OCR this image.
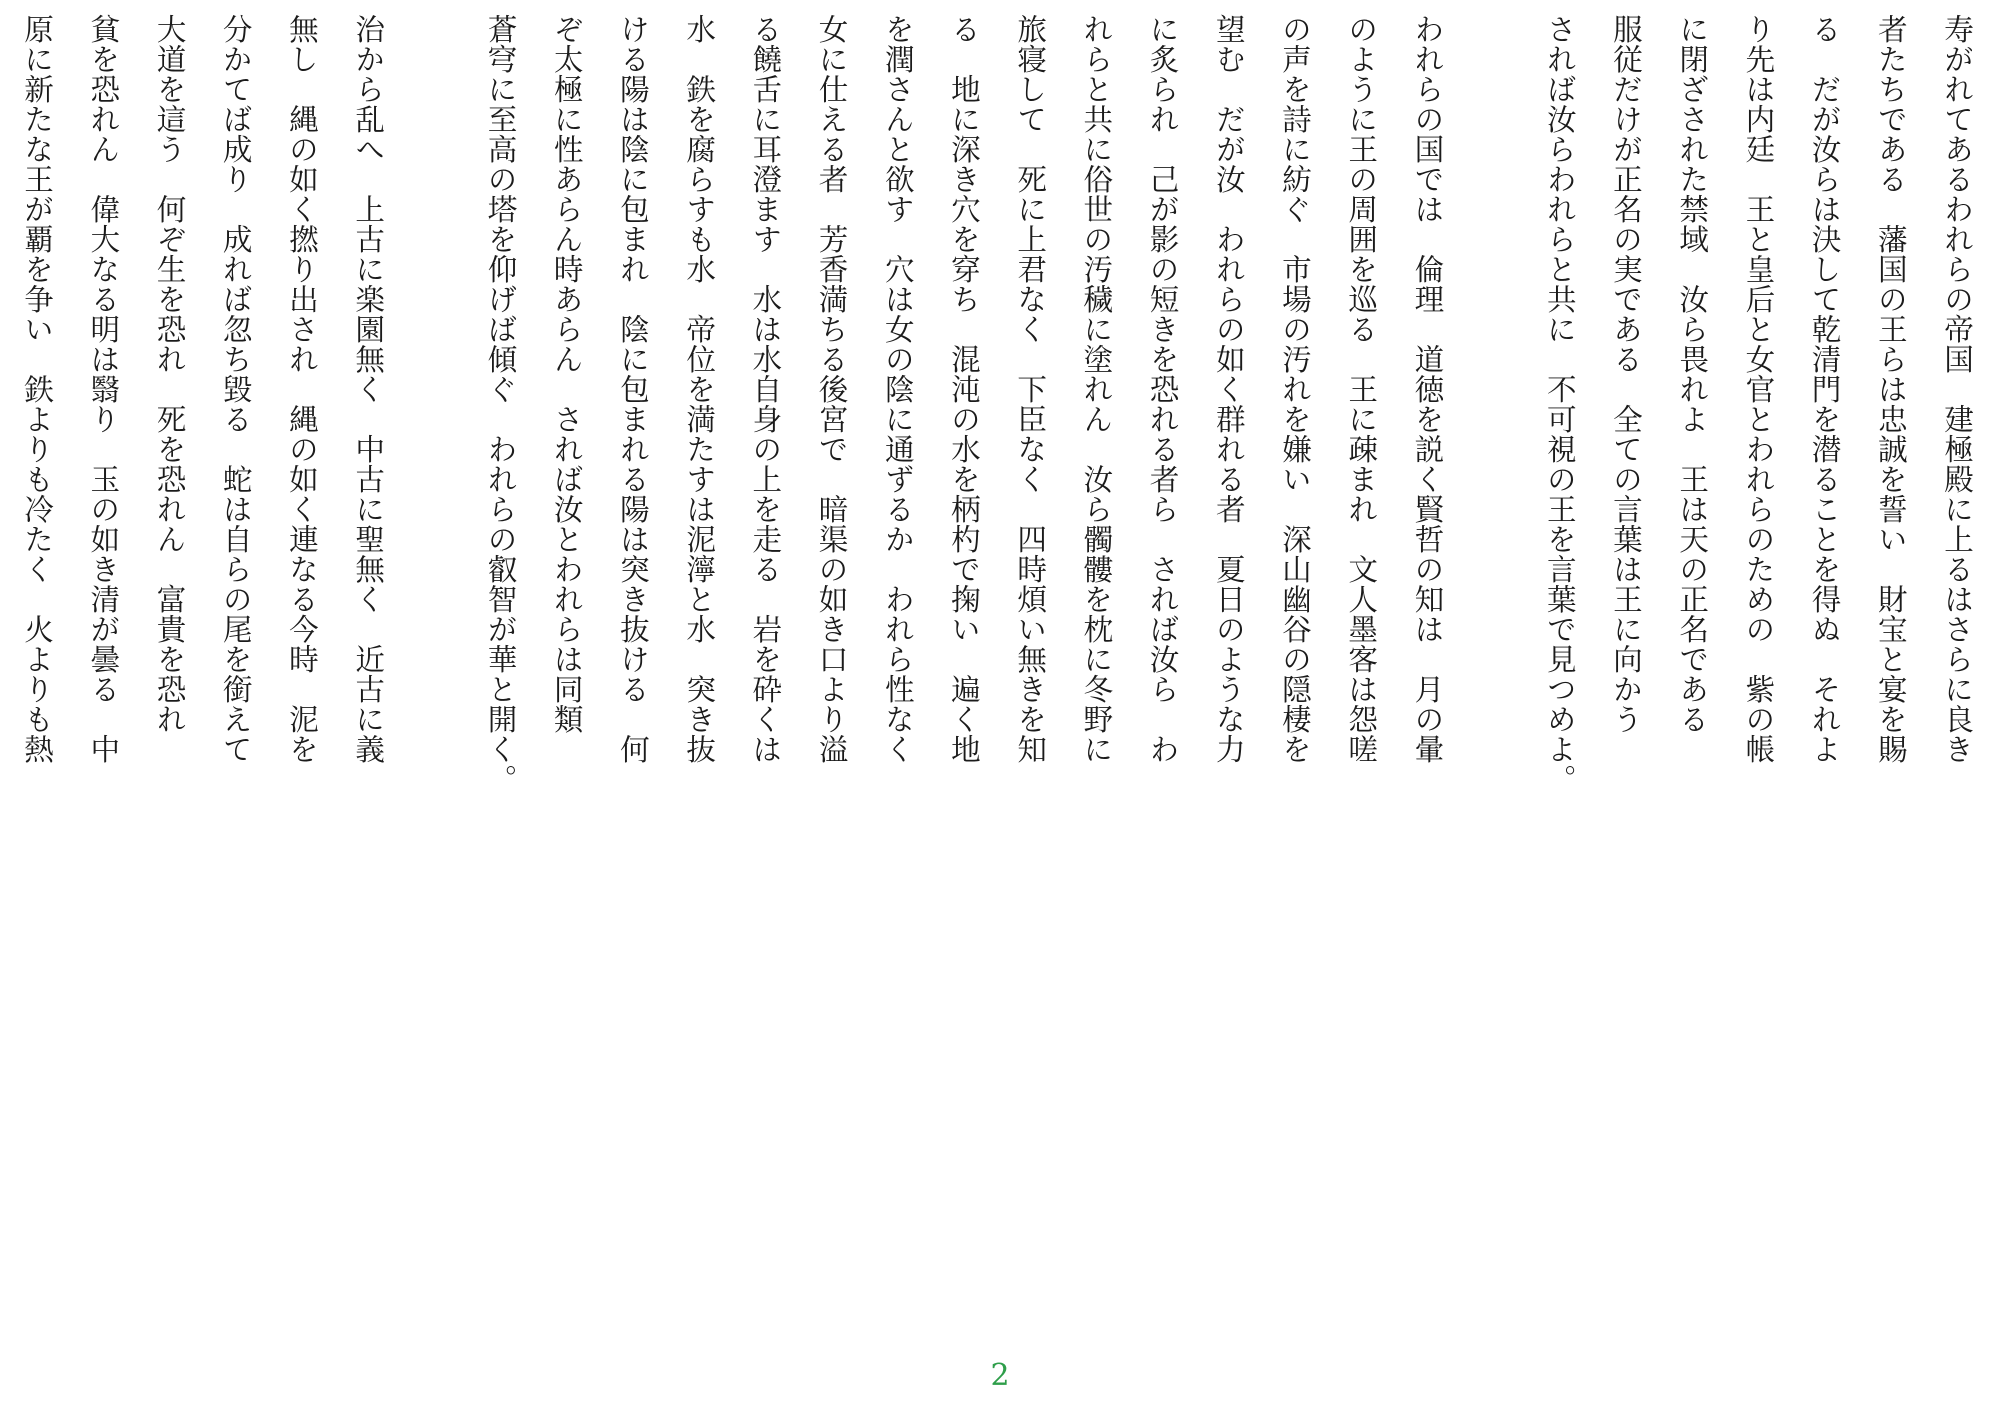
寿がれてあるわれらの帝国　建極殿に上るはさらに良き
者たちである　藩国の王らは忠誠を誓い　財宝と宴を賜
る　だが汝らは決して乾清門を潜ることを得ぬ　それよ
り先は内廷　王と皇后と女官とわれらのための　紫の帳
に閉ざされた禁域　汝ら畏れよ　王は天の正名である
服従だけが正名の実である　全ての言葉は王に向かう
されば汝らわれらと共に　不可視の王を言葉で見つめよ。
われらの国では　倫理　道徳を説く賢哲の知は　月の暈
のように王の周囲を巡る　王に疎まれ　文人墨客は怨嗟
の声を詩に紡ぐ　市場の汚れを嫌い　深山幽谷の隠棲を
望む　だが汝　われらの如く群れる者　夏日のような力
に炙られ　己が影の短きを恐れる者ら　されば汝ら　わ
れらと共に俗世の汚穢に塗れん　汝ら髑髏を枕に冬野に
旅寝して　死に上君なく　下臣なく　四時煩い無きを知
る　地に深き穴を穿ち　混沌の水を柄杓で掬い　遍く地
を潤さんと欲す　穴は女の陰に通ずるか　われら性なく
女に仕える者　芳香満ちる後宮で　暗渠の如き口より溢
る饒舌に耳澄ます　水は水自身の上を走る　岩を砕くは
水　鉄を腐らすも水　帝位を満たすは泥濘と水　突き抜
ける陽は陰に包まれ　陰に包まれる陽は突き抜ける　何
ぞ太極に性あらん時あらん　されば汝とわれらは同類
蒼穹に至高の塔を仰げば傾ぐ　われらの叡智が華と開く。
治から乱へ　上古に楽園無く　中古に聖無く　近古に義
無し　縄の如く撚り出され　縄の如く連なる今時　泥を
分かてば成り　成れば忽ち毀る　蛇は自らの尾を銜えて
大道を這う　何ぞ生を恐れ　死を恐れん　富貴を恐れ
貧を恐れん　偉大なる明は翳り　玉の如き清が曇る　中
原に新たな王が覇を争い　鉄よりも冷たく　火よりも熱
2
